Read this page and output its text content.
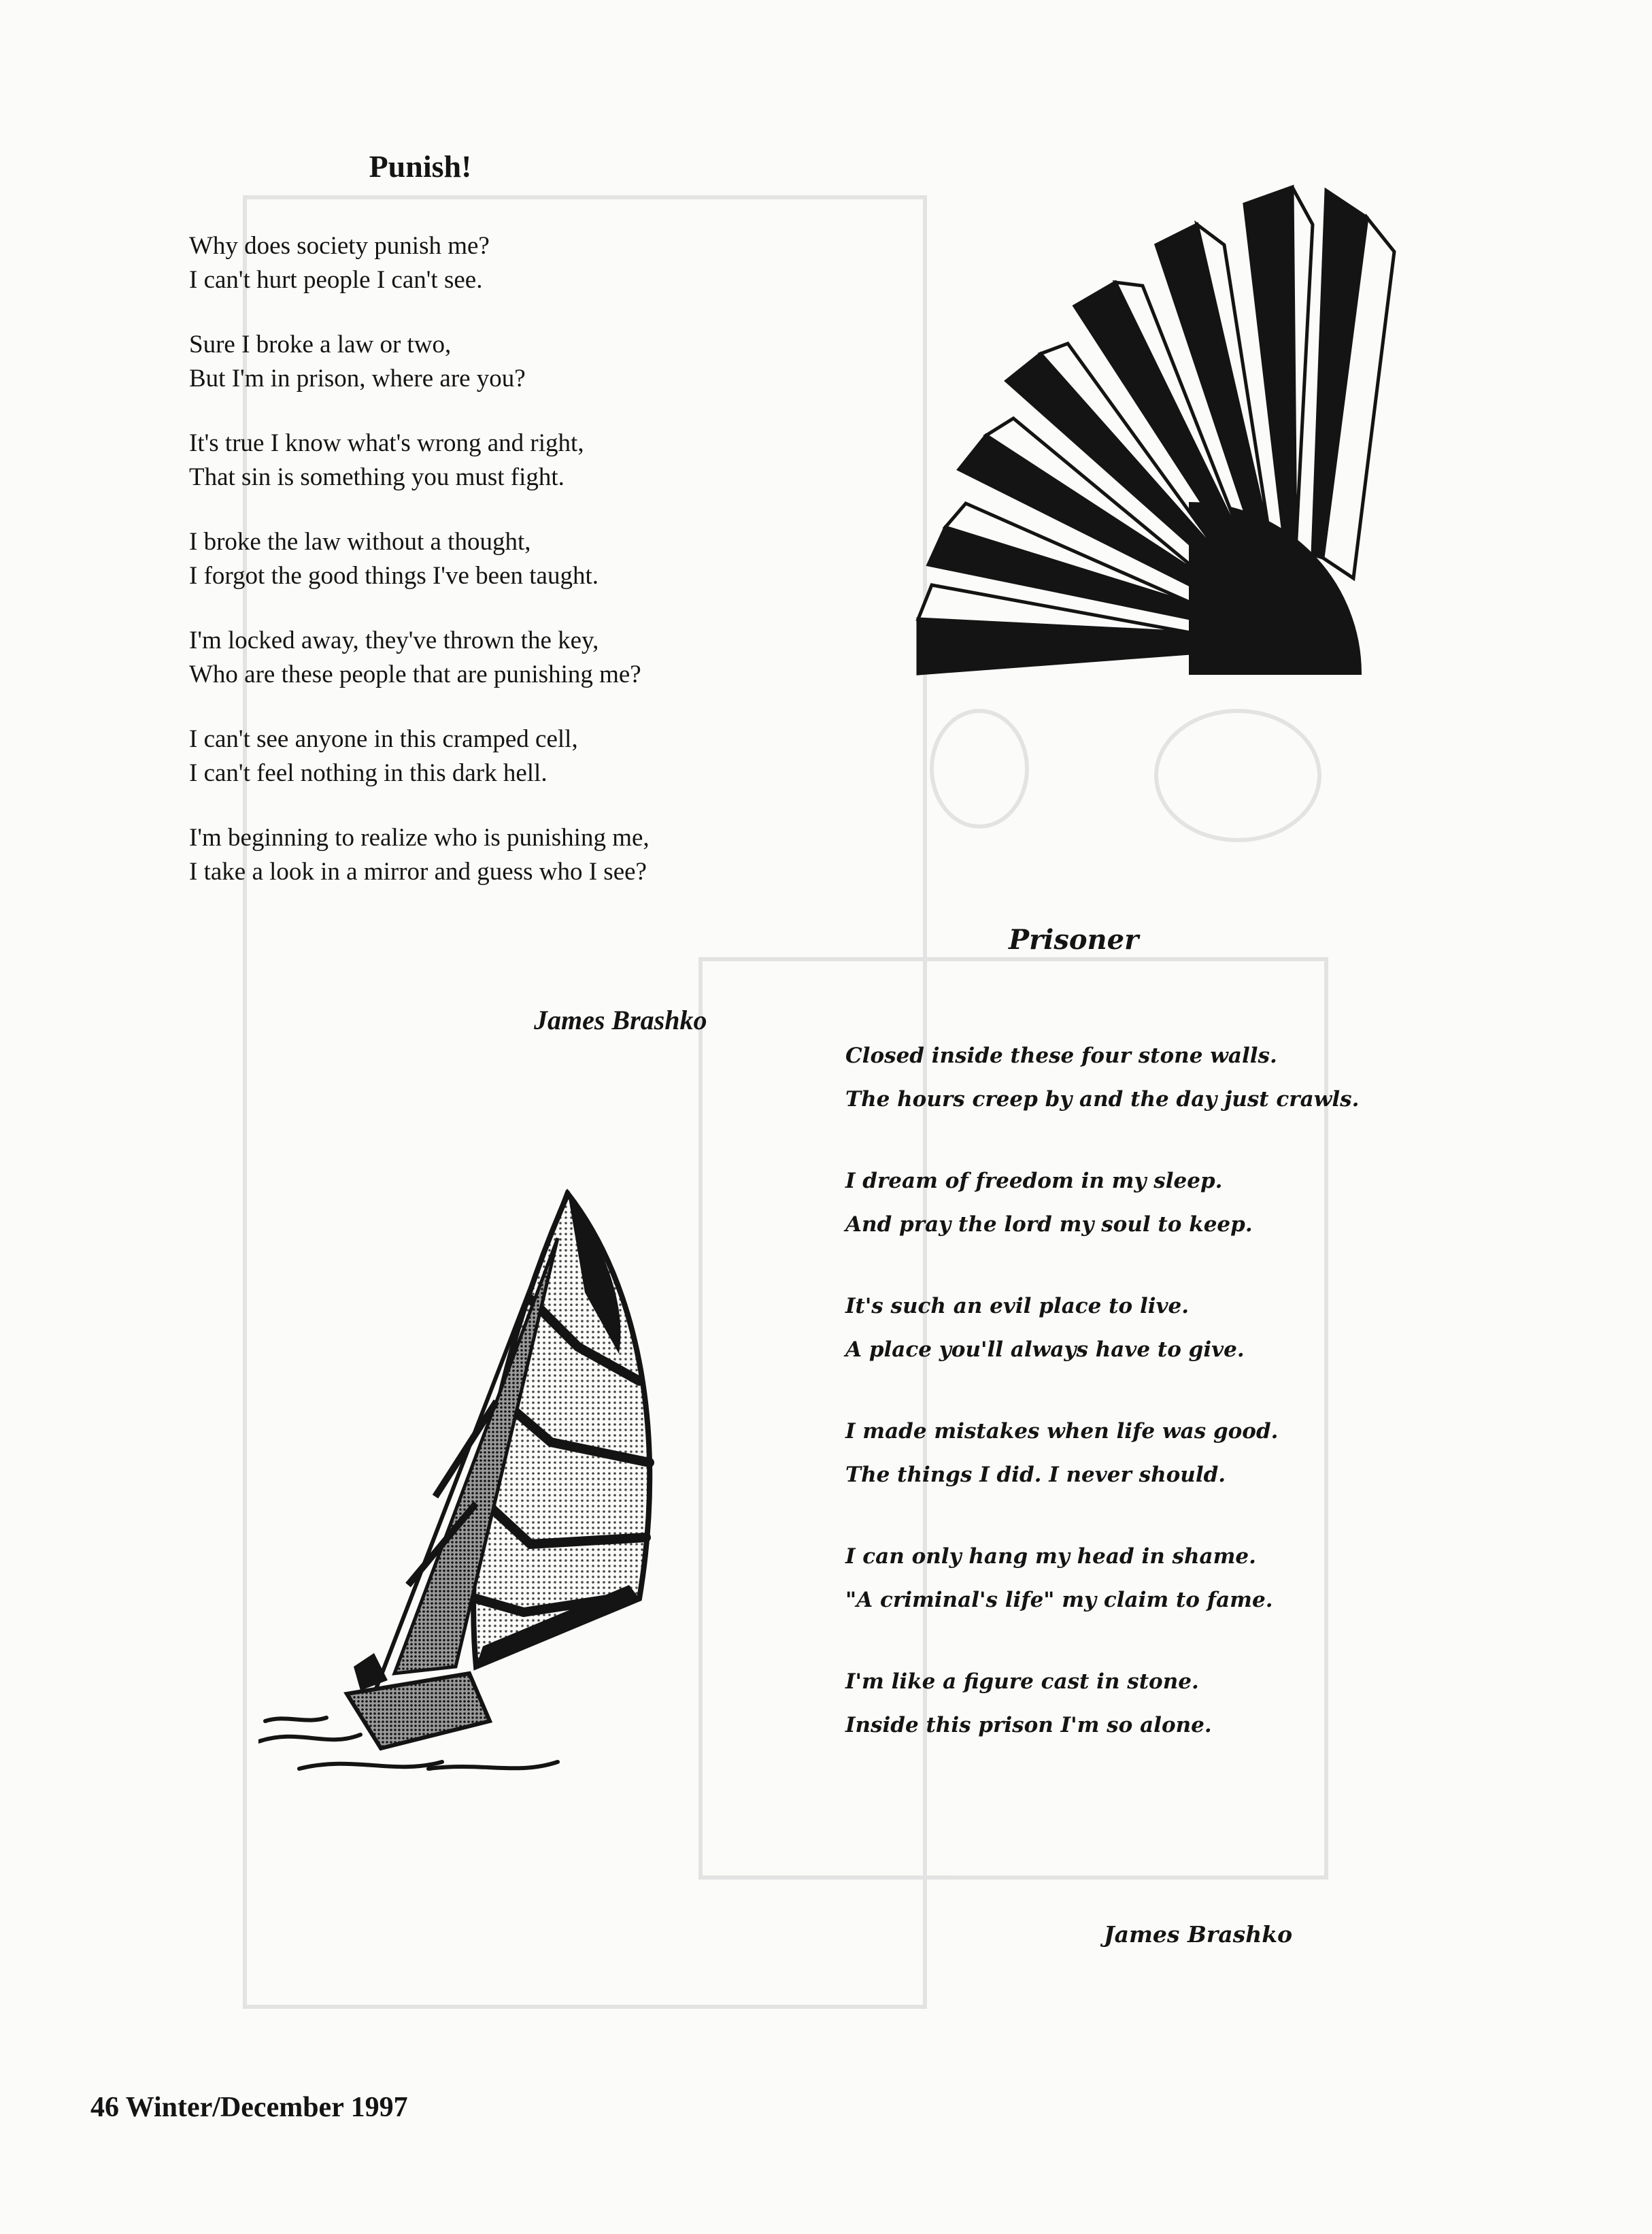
Punish!
Why does society punish me?
I can't hurt people I can't see.
Sure I broke a law or two,
But I'm in prison, where are you?
It's true I know what's wrong and right,
That sin is something you must fight.
I broke the law without a thought,
I forgot the good things I've been taught.
I'm locked away, they've thrown the key,
Who are these people that are punishing me?
I can't see anyone in this cramped cell,
I can't feel nothing in this dark hell.
I'm beginning to realize who is punishing me,
I take a look in a mirror and guess who I see?
James Brashko
Prisoner
Closed inside these four stone walls.
The hours creep by and the day just crawls.
I dream of freedom in my sleep.
And pray the lord my soul to keep.
It's such an evil place to live.
A place you'll always have to give.
I made mistakes when life was good.
The things I did. I never should.
I can only hang my head in shame.
"A criminal's life" my claim to fame.
I'm like a figure cast in stone.
Inside this prison I'm so alone.
James Brashko
46 Winter/December 1997
